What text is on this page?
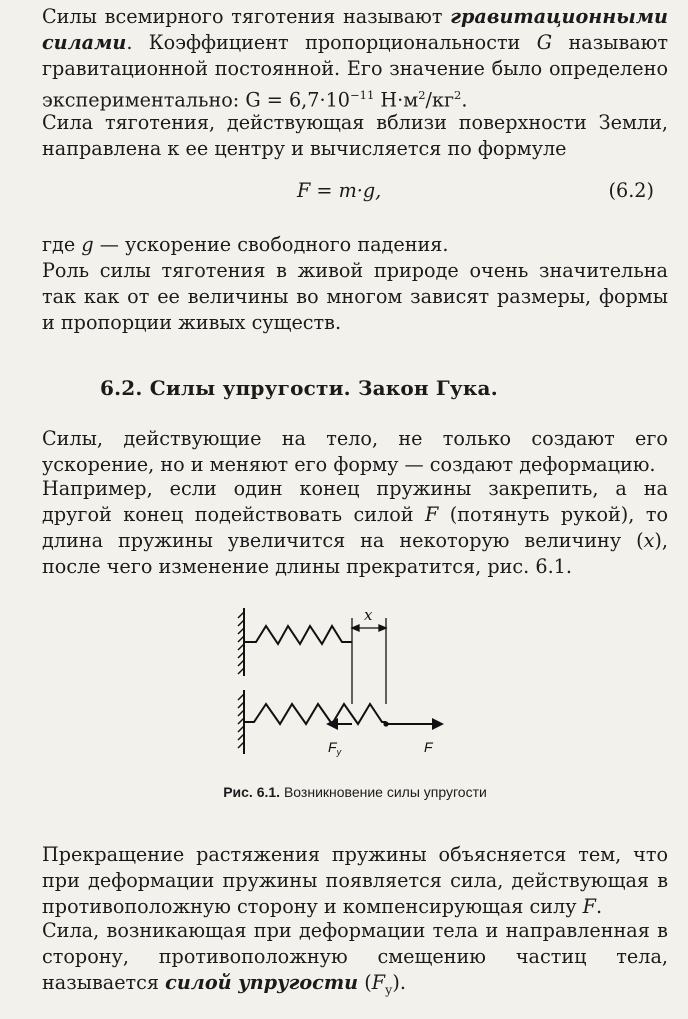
Силы всемирного тяготения называют гравитационными силами. Коэффициент пропорциональности G называют гравитационной постоянной. Его значение было определено экспериментально: $G = 6,7\cdot 10^{-11}$ $Н\cdot м^2/кг^2$.

Сила тяготения, действующая вблизи поверхности Земли, направлена к ее центру и вычисляется по формуле

F = m·g,	(6.2)

где g — ускорение свободного падения.

Роль силы тяготения в живой природе очень значительна так как от ее величины во многом зависят размеры, формы и пропорции живых существ.

6.2. Силы упругости. Закон Гука.

Силы, действующие на тело, не только создают его ускорение, но и меняют его форму — создают деформацию.

Например, если один конец пружины закрепить, а на другой конец подействовать силой F (потянуть рукой), то длина пружины увеличится на некоторую величину (x), после чего изменение длины прекратится, рис. 6.1.

x
$F_у$	F
Рис. 6.1. Возникновение силы упругости

Прекращение растяжения пружины объясняется тем, что при деформации пружины появляется сила, действующая в противоположную сторону и компенсирующая силу F.

Сила, возникающая при деформации тела и направленная в сторону, противоположную смещению частиц тела, называется силой упругости $(F_у)$.
